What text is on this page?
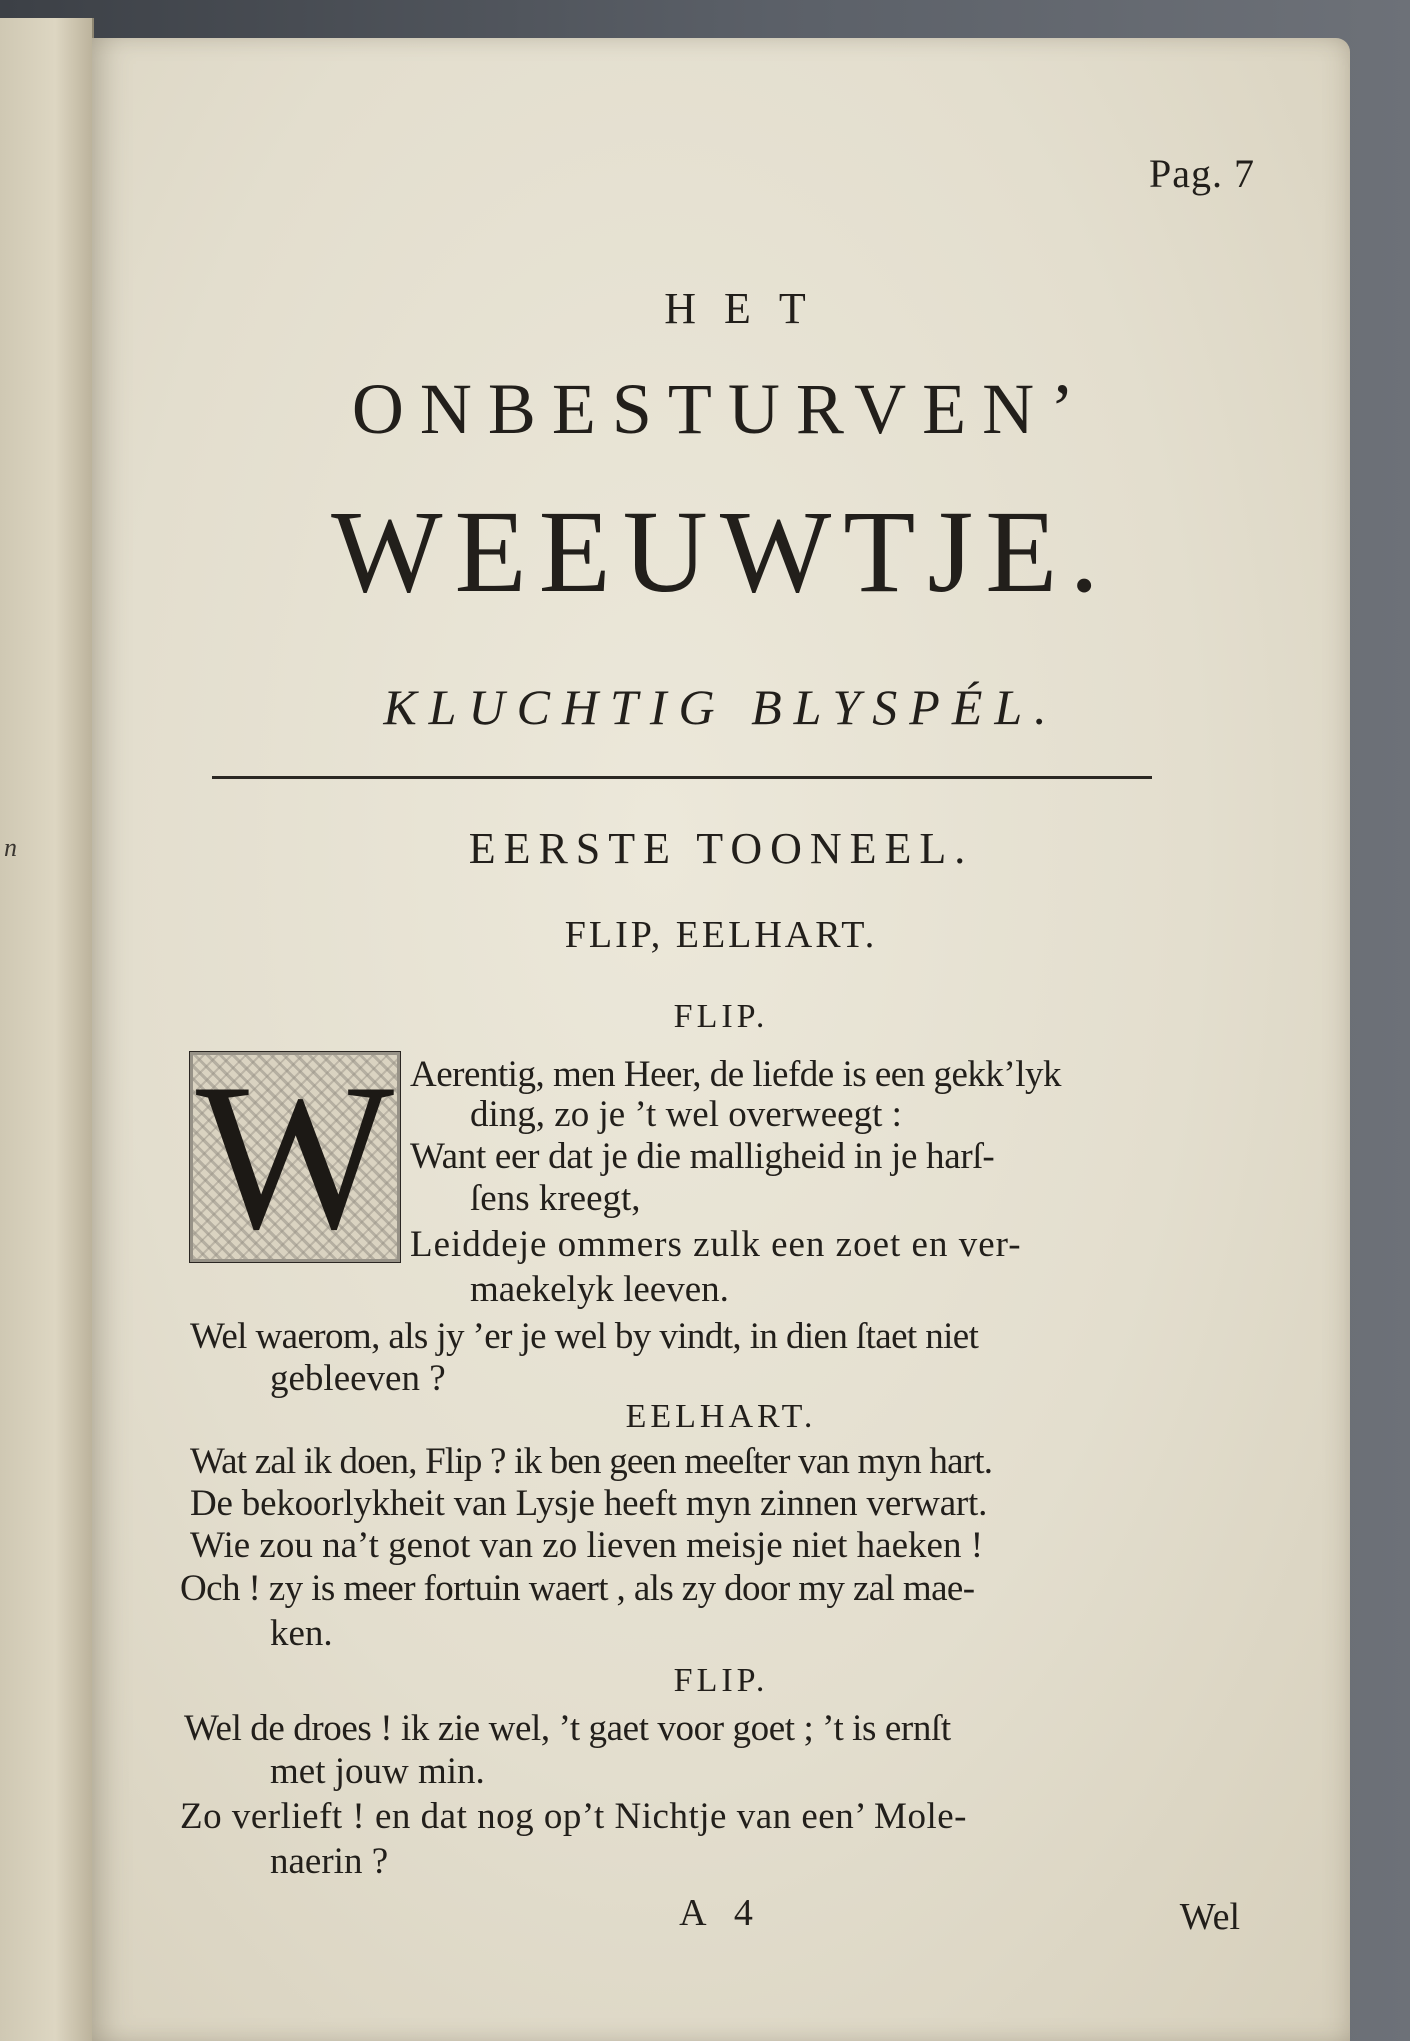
n
Pag. 7
HET
ONBESTURVEN’
WEEUWTJE.
KLUCHTIG BLYSPÉL.
EERSTE TOONEEL.
FLIP, EELHART.
FLIP.
W Aerentig, men Heer, de liefde is een gekk’lyk
ding, zo je ’t wel overweegt :
Want eer dat je die malligheid in je harſ-
ſens kreegt,
Leiddeje ommers zulk een zoet en ver-
maekelyk leeven.
Wel waerom, als jy ’er je wel by vindt, in dien ſtaet niet
gebleeven ?
EELHART.
Wat zal ik doen, Flip ? ik ben geen meeſter van myn hart.
De bekoorlykheit van Lysje heeft myn zinnen verwart.
Wie zou na’t genot van zo lieven meisje niet haeken !
Och ! zy is meer fortuin waert , als zy door my zal mae-
ken.
FLIP.
Wel de droes ! ik zie wel, ’t gaet voor goet ; ’t is ernſt
met jouw min.
Zo verlieft ! en dat nog op’t Nichtje van een’ Mole-
naerin ?
A 4	Wel
